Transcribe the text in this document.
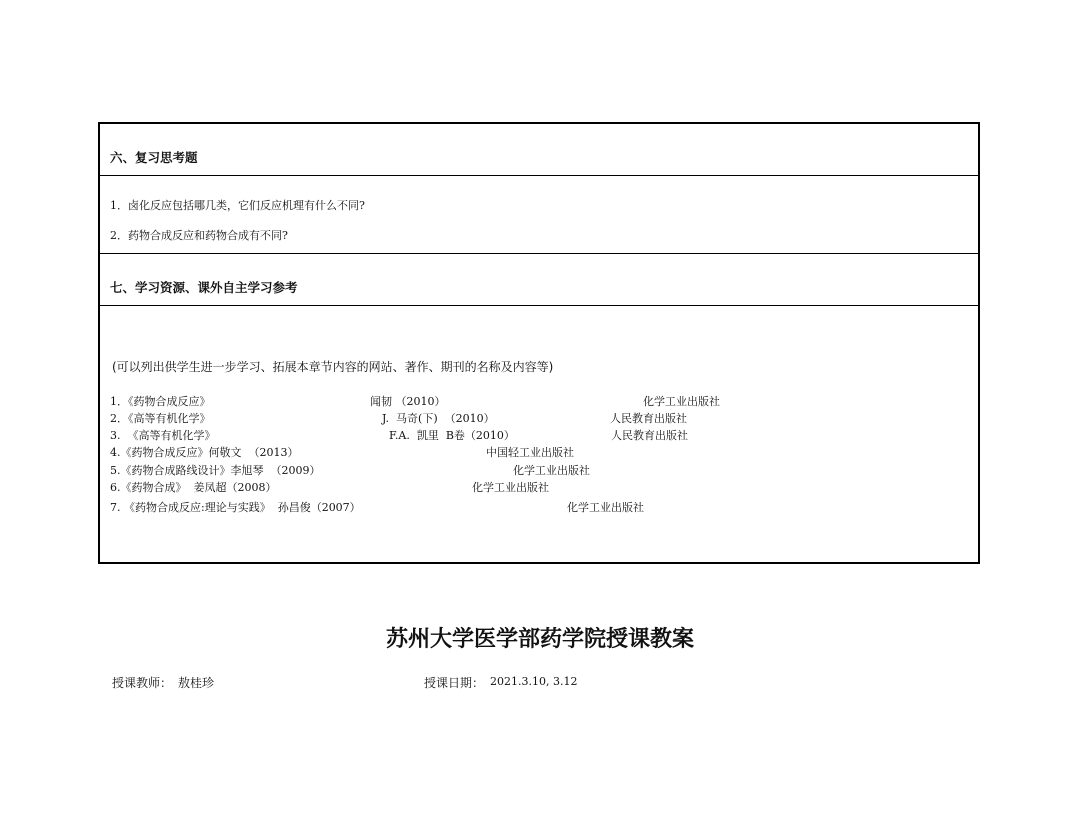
六、复习思考题
1．卤化反应包括哪几类，它们反应机理有什么不同?
2．药物合成反应和药物合成有不同?
七、学习资源、课外自主学习参考
(可以列出供学生进一步学习、拓展本章节内容的网站、著作、期刊的名称及内容等)
1．《药物合成反应》	闻韧 （2010）	化学工业出版社
2．《高等有机化学》	J.  马奇(下)  （2010）	人民教育出版社
3.  《高等有机化学》	F.A.  凯里  B卷（2010）	人民教育出版社
4.《药物合成反应》何敬文  （2013）	中国轻工业出版社
5.《药物合成路线设计》李旭琴  （2009）	化学工业出版社
6.《药物合成》  姜凤超（2008）	化学工业出版社
7. 《药物合成反应:理论与实践》  孙昌俊（2007）	化学工业出版社
苏州大学医学部药学院授课教案
授课教师： 敖桂珍	授课日期： 2021.3.10, 3.12
